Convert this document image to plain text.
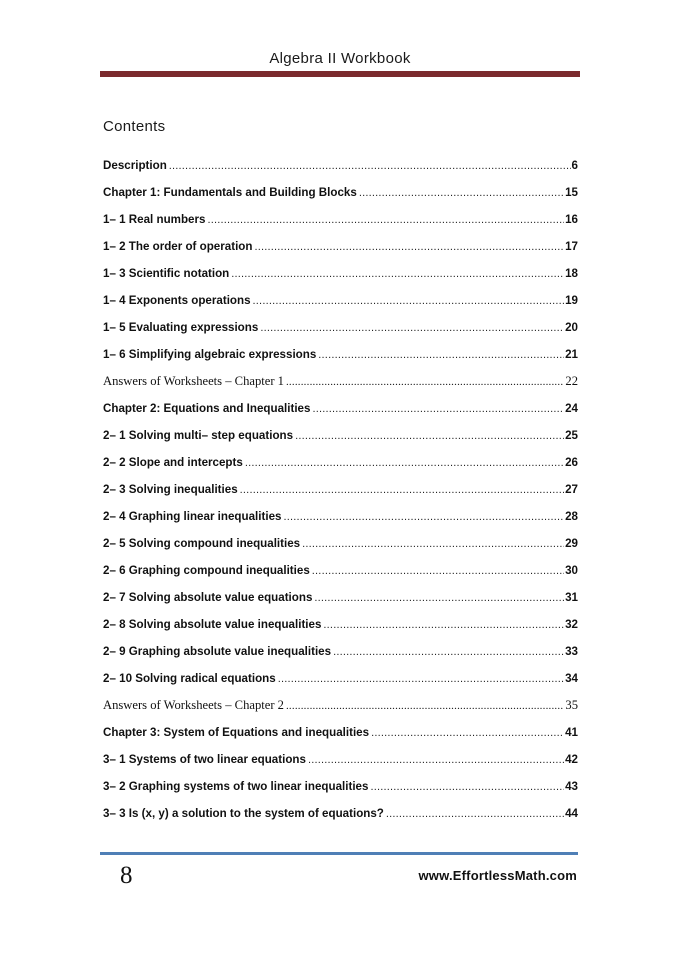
Algebra II Workbook
Contents
Description .....	6
Chapter 1: Fundamentals and Building Blocks .....	15
1– 1 Real numbers .....	16
1– 2 The order of operation .....	17
1– 3 Scientific notation .....	18
1– 4 Exponents operations .....	19
1– 5 Evaluating expressions .....	20
1– 6 Simplifying algebraic expressions .....	21
Answers of Worksheets – Chapter 1 .....	22
Chapter 2: Equations and Inequalities .....	24
2– 1 Solving multi– step equations .....	25
2– 2 Slope and intercepts .....	26
2– 3 Solving inequalities .....	27
2– 4 Graphing linear inequalities .....	28
2– 5 Solving compound inequalities .....	29
2– 6 Graphing compound inequalities .....	30
2– 7 Solving absolute value equations .....	31
2– 8 Solving absolute value inequalities .....	32
2– 9 Graphing absolute value inequalities .....	33
2– 10 Solving radical equations .....	34
Answers of Worksheets – Chapter 2 .....	35
Chapter 3: System of Equations and inequalities .....	41
3– 1 Systems of two linear equations .....	42
3– 2 Graphing systems of two linear inequalities .....	43
3– 3 Is (x, y) a solution to the system of equations? .....	44
8	www.EffortlessMath.com
